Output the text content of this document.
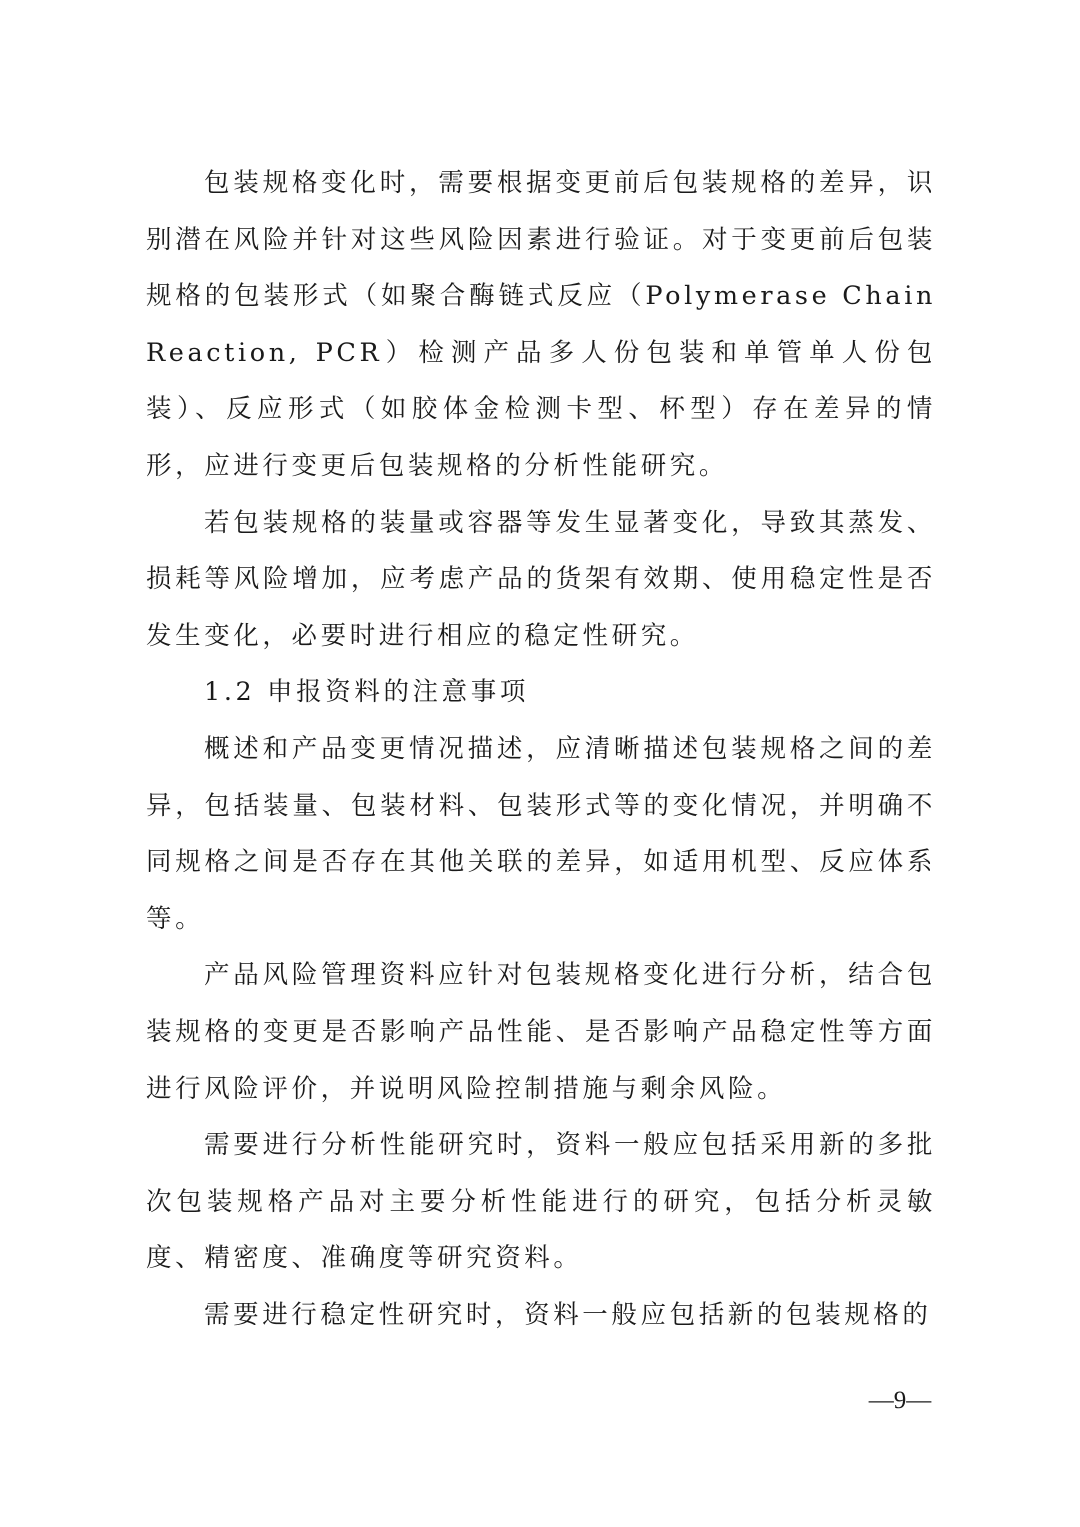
包装规格变化时，需要根据变更前后包装规格的差异，识别潜在风险并针对这些风险因素进行验证。对于变更前后包装规格的包装形式（如聚合酶链式反应（Polymerase Chain Reaction, PCR）检测产品多人份包装和单管单人份包装）、反应形式（如胶体金检测卡型、杯型）存在差异的情形，应进行变更后包装规格的分析性能研究。

若包装规格的装量或容器等发生显著变化，导致其蒸发、损耗等风险增加，应考虑产品的货架有效期、使用稳定性是否发生变化，必要时进行相应的稳定性研究。

1.2 申报资料的注意事项

概述和产品变更情况描述，应清晰描述包装规格之间的差异，包括装量、包装材料、包装形式等的变化情况，并明确不同规格之间是否存在其他关联的差异，如适用机型、反应体系等。

产品风险管理资料应针对包装规格变化进行分析，结合包装规格的变更是否影响产品性能、是否影响产品稳定性等方面进行风险评价，并说明风险控制措施与剩余风险。

需要进行分析性能研究时，资料一般应包括采用新的多批次包装规格产品对主要分析性能进行的研究，包括分析灵敏度、精密度、准确度等研究资料。

需要进行稳定性研究时，资料一般应包括新的包装规格的

—9—
